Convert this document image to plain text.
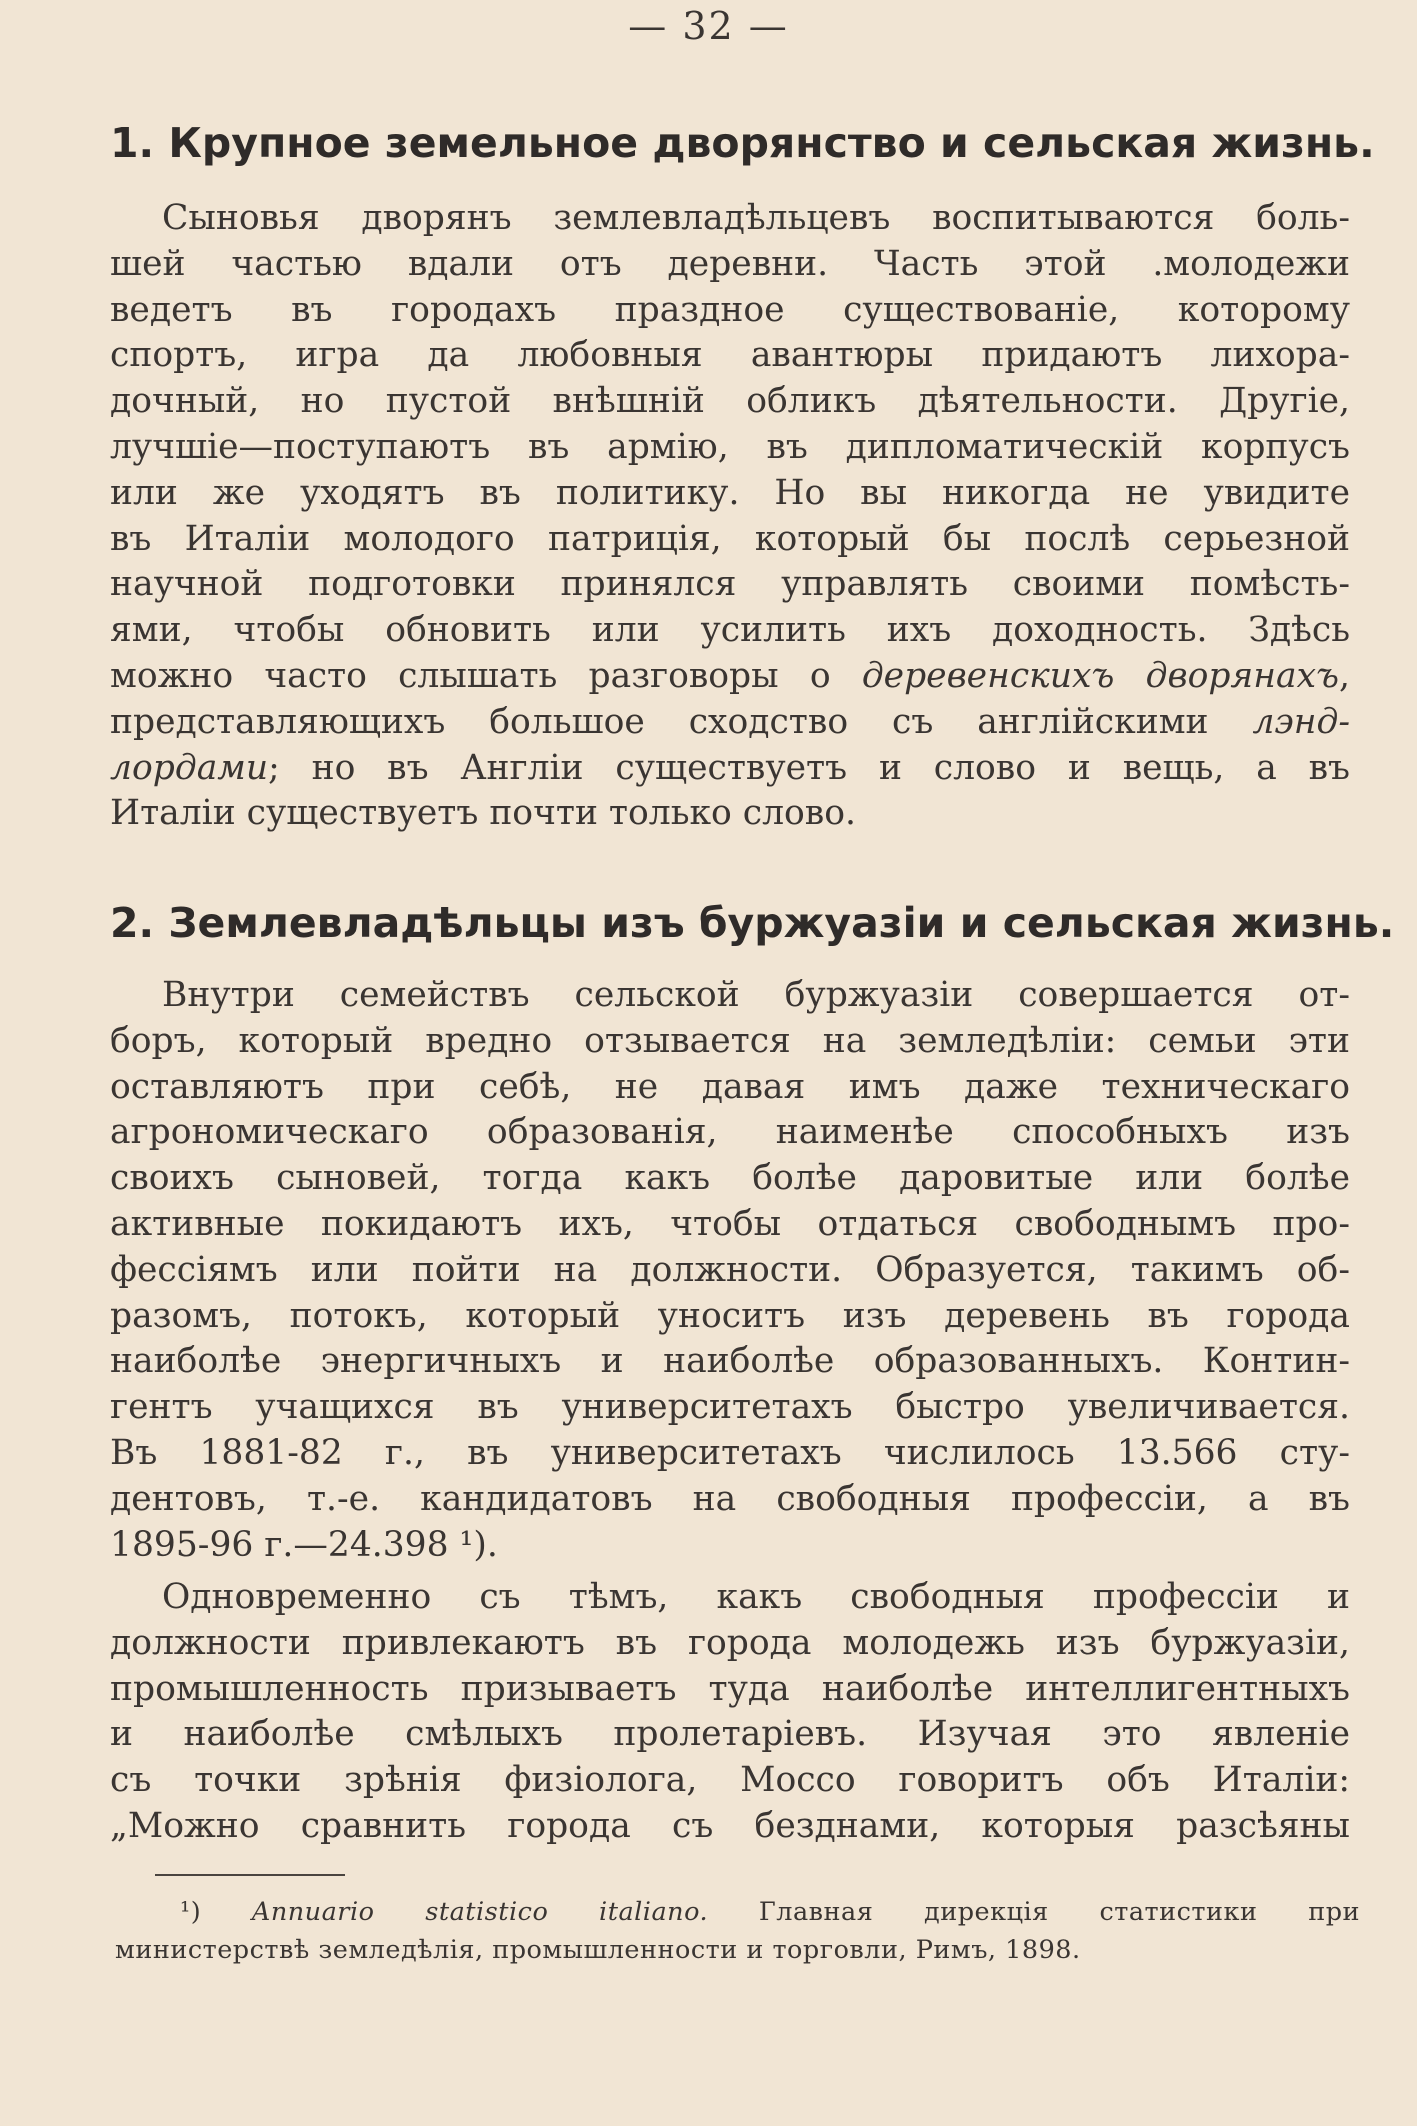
— 32 —
1. Крупное земельное дворянство и сельская жизнь.
Сыновья дворянъ землевладѣльцевъ воспитываются боль-
шей частью вдали отъ деревни. Часть этой .молодежи
ведетъ въ городахъ праздное существованіе, которому
спортъ, игра да любовныя авантюры придаютъ лихора-
дочный, но пустой внѣшній обликъ дѣятельности. Другіе,
лучшіе—поступаютъ въ армію, въ дипломатическій корпусъ
или же уходятъ въ политику. Но вы никогда не увидите
въ Италіи молодого патриція, который бы послѣ серьезной
научной подготовки принялся управлять своими помѣсть-
ями, чтобы обновить или усилить ихъ доходность. Здѣсь
можно часто слышать разговоры о деревенскихъ дворянахъ,
представляющихъ большое сходство съ англійскими лэнд-
лордами; но въ Англіи существуетъ и слово и вещь, а въ
Италіи существуетъ почти только слово.
2. Землевладѣльцы изъ буржуазіи и сельская жизнь.
Внутри семействъ сельской буржуазіи совершается от-
боръ, который вредно отзывается на земледѣліи: семьи эти
оставляютъ при себѣ, не давая имъ даже техническаго
агрономическаго образованія, наименѣе способныхъ изъ
своихъ сыновей, тогда какъ болѣе даровитые или болѣе
активные покидаютъ ихъ, чтобы отдаться свободнымъ про-
фессіямъ или пойти на должности. Образуется, такимъ об-
разомъ, потокъ, который уноситъ изъ деревень въ города
наиболѣе энергичныхъ и наиболѣе образованныхъ. Контин-
гентъ учащихся въ университетахъ быстро увеличивается.
Въ 1881-82 г., въ университетахъ числилось 13.566 сту-
дентовъ, т.-е. кандидатовъ на свободныя профессіи, а въ
1895-96 г.—24.398 ¹).
Одновременно съ тѣмъ, какъ свободныя профессіи и
должности привлекаютъ въ города молодежь изъ буржуазіи,
промышленность призываетъ туда наиболѣе интеллигентныхъ
и наиболѣе смѣлыхъ пролетаріевъ. Изучая это явленіе
съ точки зрѣнія физіолога, Моссо говоритъ объ Италіи:
„Можно сравнить города съ безднами, которыя разсѣяны
¹) Annuario statistico italiano. Главная дирекція статистики при
министерствѣ земледѣлія, промышленности и торговли, Римъ, 1898.
